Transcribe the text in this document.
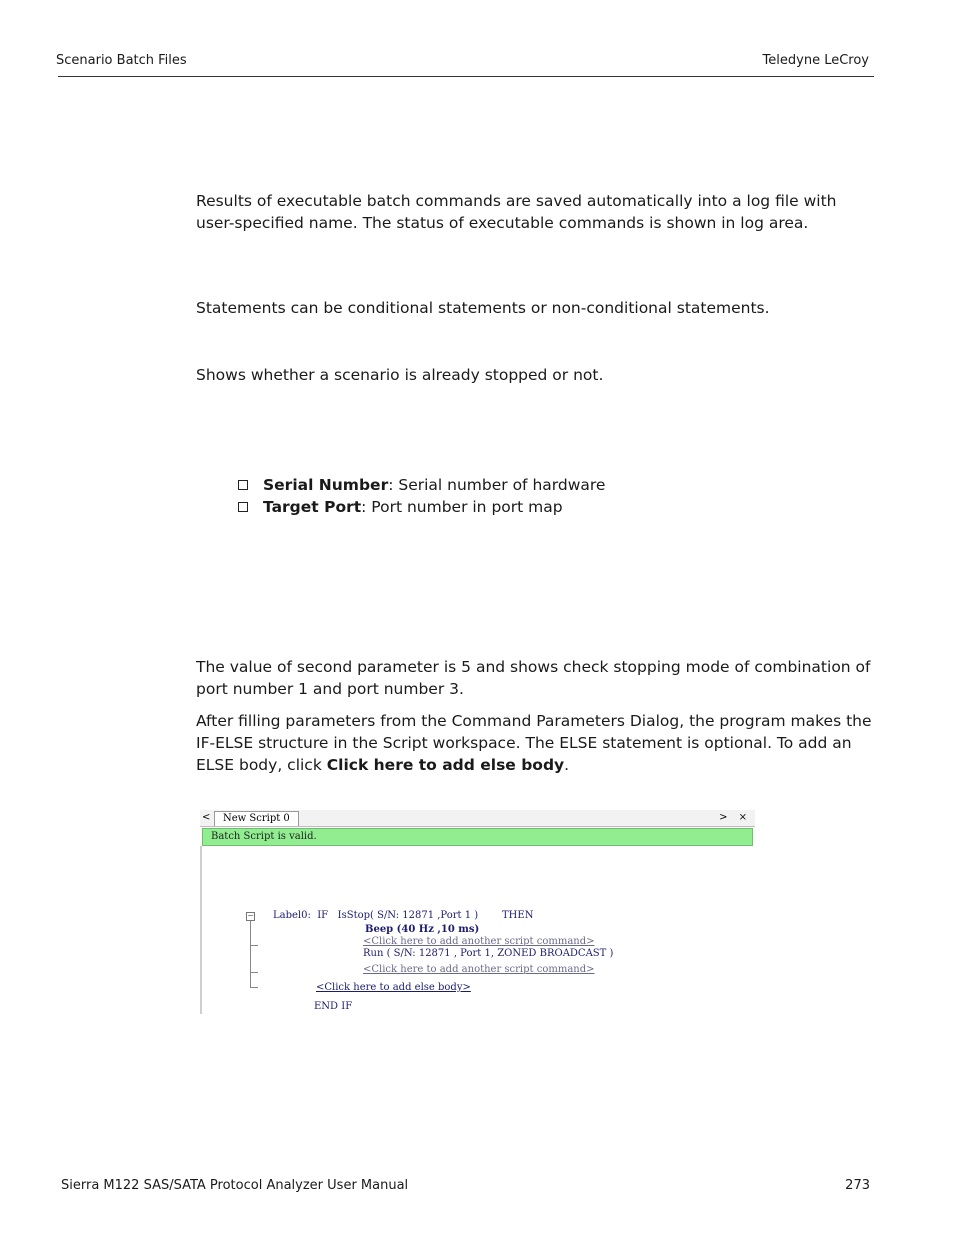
Scenario Batch Files	Teledyne LeCroy
Results of executable batch commands are saved automatically into a log file with user-specified name. The status of executable commands is shown in log area.
Statements can be conditional statements or non-conditional statements.
Shows whether a scenario is already stopped or not.
Serial Number: Serial number of hardware
Target Port: Port number in port map
The value of second parameter is 5 and shows check stopping mode of combination of port number 1 and port number 3.
After filling parameters from the Command Parameters Dialog, the program makes the IF-ELSE structure in the Script workspace. The ELSE statement is optional. To add an ELSE body, click Click here to add else body.
<	New Script 0	> ×
Batch Script is valid.
− Label0:  IF   IsStop( S/N: 12871 ,Port 1 ) THEN
Beep (40 Hz ,10 ms)
<Click here to add another script command>
Run ( S/N: 12871 , Port 1, ZONED BROADCAST )
<Click here to add another script command>
<Click here to add else body>
END IF
Sierra M122 SAS/SATA Protocol Analyzer User Manual	273
